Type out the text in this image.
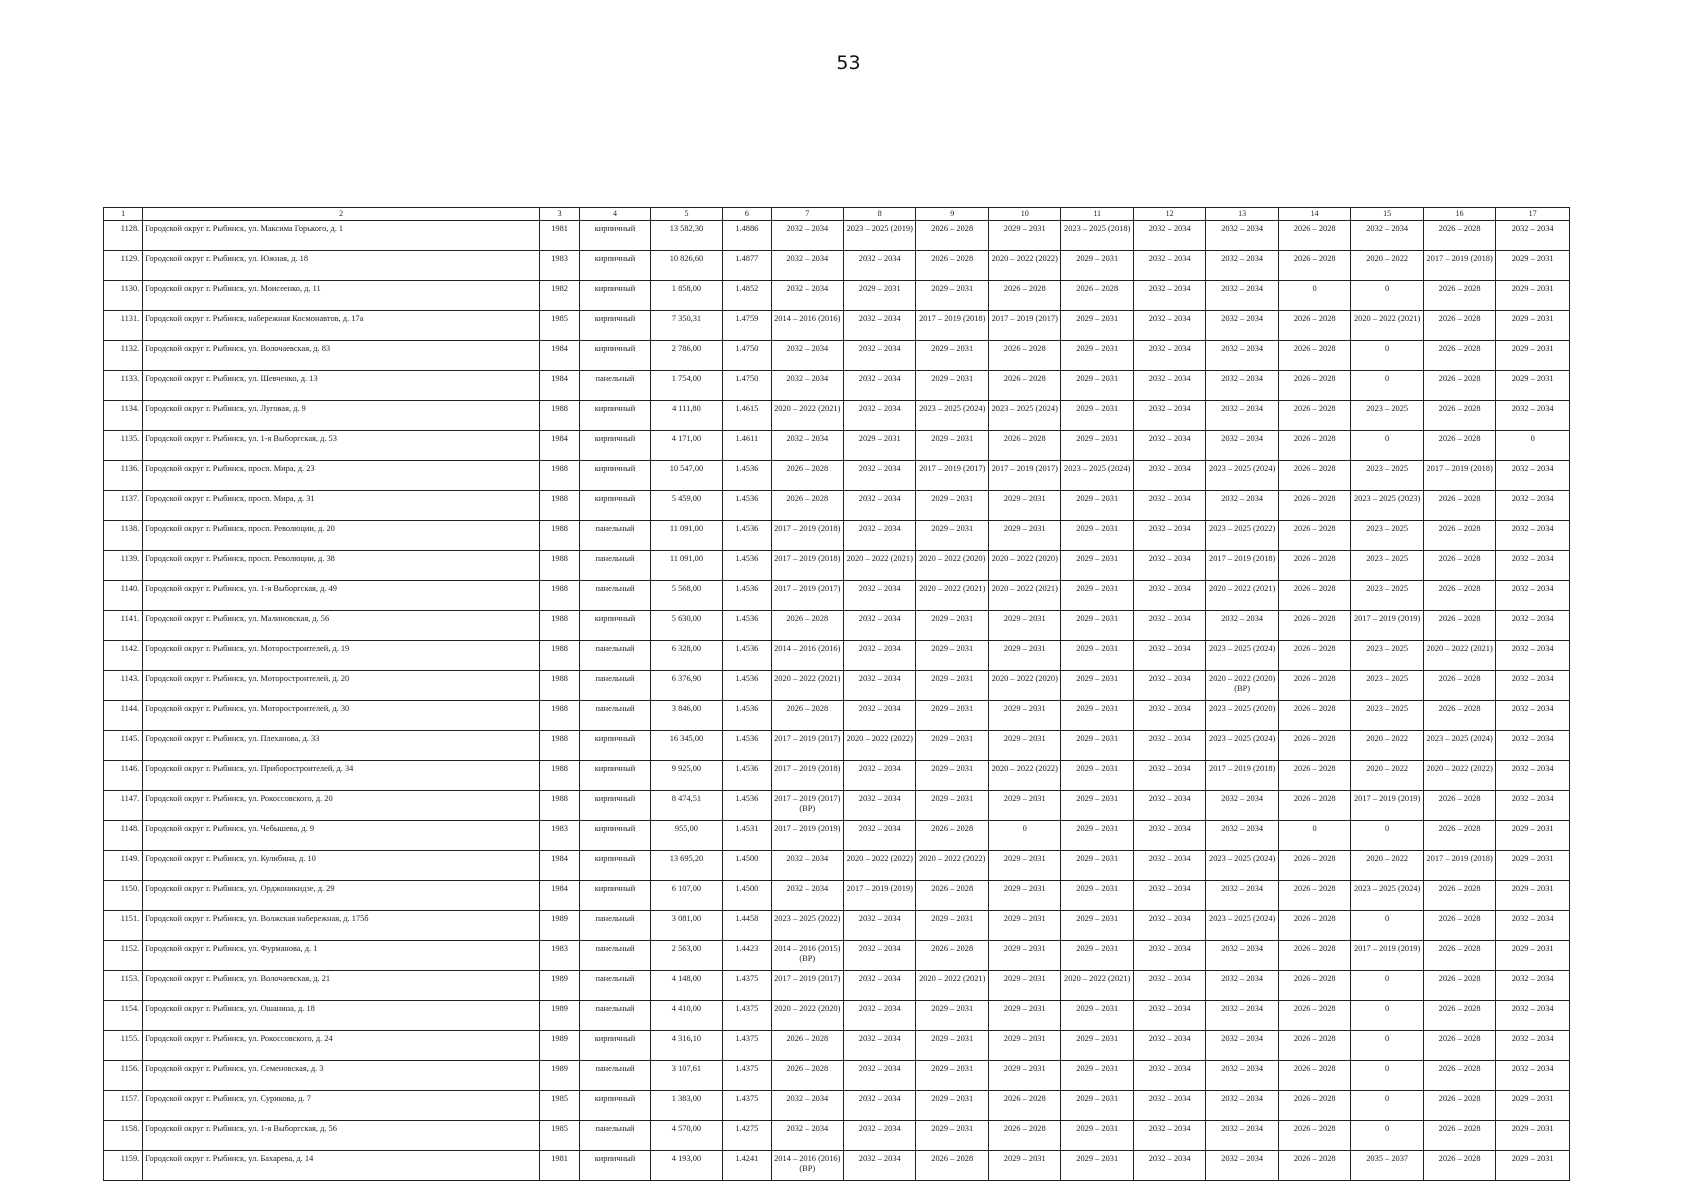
53
1	2	3	4	5	6	7	8	9	10	11	12	13	14	15	16	17
1128.	Городской округ г. Рыбинск, ул. Максима Горького, д. 1	1981	кирпичный	13 582,30	1.4886	2032 – 2034	2023 – 2025 (2019)	2026 – 2028	2029 – 2031	2023 – 2025 (2018)	2032 – 2034	2032 – 2034	2026 – 2028	2032 – 2034	2026 – 2028	2032 – 2034
1129.	Городской округ г. Рыбинск, ул. Южная, д. 18	1983	кирпичный	10 826,60	1.4877	2032 – 2034	2032 – 2034	2026 – 2028	2020 – 2022 (2022)	2029 – 2031	2032 – 2034	2032 – 2034	2026 – 2028	2020 – 2022	2017 – 2019 (2018)	2029 – 2031
1130.	Городской округ г. Рыбинск, ул. Моисеенко, д. 11	1982	кирпичный	1 858,00	1.4852	2032 – 2034	2029 – 2031	2029 – 2031	2026 – 2028	2026 – 2028	2032 – 2034	2032 – 2034	0	0	2026 – 2028	2029 – 2031
1131.	Городской округ г. Рыбинск, набережная Космонавтов, д. 17а	1985	кирпичный	7 350,31	1.4759	2014 – 2016 (2016)	2032 – 2034	2017 – 2019 (2018)	2017 – 2019 (2017)	2029 – 2031	2032 – 2034	2032 – 2034	2026 – 2028	2020 – 2022 (2021)	2026 – 2028	2029 – 2031
1132.	Городской округ г. Рыбинск, ул. Волочаевская, д. 83	1984	кирпичный	2 786,00	1.4750	2032 – 2034	2032 – 2034	2029 – 2031	2026 – 2028	2029 – 2031	2032 – 2034	2032 – 2034	2026 – 2028	0	2026 – 2028	2029 – 2031
1133.	Городской округ г. Рыбинск, ул. Шевченко, д. 13	1984	панельный	1 754,00	1.4750	2032 – 2034	2032 – 2034	2029 – 2031	2026 – 2028	2029 – 2031	2032 – 2034	2032 – 2034	2026 – 2028	0	2026 – 2028	2029 – 2031
1134.	Городской округ г. Рыбинск, ул. Луговая, д. 9	1988	кирпичный	4 111,80	1.4615	2020 – 2022 (2021)	2032 – 2034	2023 – 2025 (2024)	2023 – 2025 (2024)	2029 – 2031	2032 – 2034	2032 – 2034	2026 – 2028	2023 – 2025	2026 – 2028	2032 – 2034
1135.	Городской округ г. Рыбинск, ул. 1-я Выборгская, д. 53	1984	кирпичный	4 171,00	1.4611	2032 – 2034	2029 – 2031	2029 – 2031	2026 – 2028	2029 – 2031	2032 – 2034	2032 – 2034	2026 – 2028	0	2026 – 2028	0
1136.	Городской округ г. Рыбинск, просп. Мира, д. 23	1988	кирпичный	10 547,00	1.4536	2026 – 2028	2032 – 2034	2017 – 2019 (2017)	2017 – 2019 (2017)	2023 – 2025 (2024)	2032 – 2034	2023 – 2025 (2024)	2026 – 2028	2023 – 2025	2017 – 2019 (2018)	2032 – 2034
1137.	Городской округ г. Рыбинск, просп. Мира, д. 31	1988	кирпичный	5 459,00	1.4536	2026 – 2028	2032 – 2034	2029 – 2031	2029 – 2031	2029 – 2031	2032 – 2034	2032 – 2034	2026 – 2028	2023 – 2025 (2023)	2026 – 2028	2032 – 2034
1138.	Городской округ г. Рыбинск, просп. Революции, д. 20	1988	панельный	11 091,00	1.4536	2017 – 2019 (2018)	2032 – 2034	2029 – 2031	2029 – 2031	2029 – 2031	2032 – 2034	2023 – 2025 (2022)	2026 – 2028	2023 – 2025	2026 – 2028	2032 – 2034
1139.	Городской округ г. Рыбинск, просп. Революции, д. 38	1988	панельный	11 091,00	1.4536	2017 – 2019 (2018)	2020 – 2022 (2021)	2020 – 2022 (2020)	2020 – 2022 (2020)	2029 – 2031	2032 – 2034	2017 – 2019 (2018)	2026 – 2028	2023 – 2025	2026 – 2028	2032 – 2034
1140.	Городской округ г. Рыбинск, ул. 1-я Выборгская, д. 49	1988	панельный	5 568,00	1.4536	2017 – 2019 (2017)	2032 – 2034	2020 – 2022 (2021)	2020 – 2022 (2021)	2029 – 2031	2032 – 2034	2020 – 2022 (2021)	2026 – 2028	2023 – 2025	2026 – 2028	2032 – 2034
1141.	Городской округ г. Рыбинск, ул. Малиновская, д. 56	1988	кирпичный	5 630,00	1.4536	2026 – 2028	2032 – 2034	2029 – 2031	2029 – 2031	2029 – 2031	2032 – 2034	2032 – 2034	2026 – 2028	2017 – 2019 (2019)	2026 – 2028	2032 – 2034
1142.	Городской округ г. Рыбинск, ул. Моторостроителей, д. 19	1988	панельный	6 328,00	1.4536	2014 – 2016 (2016)	2032 – 2034	2029 – 2031	2029 – 2031	2029 – 2031	2032 – 2034	2023 – 2025 (2024)	2026 – 2028	2023 – 2025	2020 – 2022 (2021)	2032 – 2034
1143.	Городской округ г. Рыбинск, ул. Моторостроителей, д. 20	1988	панельный	6 376,90	1.4536	2020 – 2022 (2021)	2032 – 2034	2029 – 2031	2020 – 2022 (2020)	2029 – 2031	2032 – 2034	2020 – 2022 (2020) (ВР)	2026 – 2028	2023 – 2025	2026 – 2028	2032 – 2034
1144.	Городской округ г. Рыбинск, ул. Моторостроителей, д. 30	1988	панельный	3 846,00	1.4536	2026 – 2028	2032 – 2034	2029 – 2031	2029 – 2031	2029 – 2031	2032 – 2034	2023 – 2025 (2020)	2026 – 2028	2023 – 2025	2026 – 2028	2032 – 2034
1145.	Городской округ г. Рыбинск, ул. Плеханова, д. 33	1988	кирпичный	16 345,00	1.4536	2017 – 2019 (2017)	2020 – 2022 (2022)	2029 – 2031	2029 – 2031	2029 – 2031	2032 – 2034	2023 – 2025 (2024)	2026 – 2028	2020 – 2022	2023 – 2025 (2024)	2032 – 2034
1146.	Городской округ г. Рыбинск, ул. Приборостроителей, д. 34	1988	кирпичный	9 925,00	1.4536	2017 – 2019 (2018)	2032 – 2034	2029 – 2031	2020 – 2022 (2022)	2029 – 2031	2032 – 2034	2017 – 2019 (2018)	2026 – 2028	2020 – 2022	2020 – 2022 (2022)	2032 – 2034
1147.	Городской округ г. Рыбинск, ул. Рокоссовского, д. 20	1988	кирпичный	8 474,51	1.4536	2017 – 2019 (2017) (ВР)	2032 – 2034	2029 – 2031	2029 – 2031	2029 – 2031	2032 – 2034	2032 – 2034	2026 – 2028	2017 – 2019 (2019)	2026 – 2028	2032 – 2034
1148.	Городской округ г. Рыбинск, ул. Чебышева, д. 9	1983	кирпичный	955,00	1.4531	2017 – 2019 (2019)	2032 – 2034	2026 – 2028	0	2029 – 2031	2032 – 2034	2032 – 2034	0	0	2026 – 2028	2029 – 2031
1149.	Городской округ г. Рыбинск, ул. Кулибина, д. 10	1984	кирпичный	13 695,20	1.4500	2032 – 2034	2020 – 2022 (2022)	2020 – 2022 (2022)	2029 – 2031	2029 – 2031	2032 – 2034	2023 – 2025 (2024)	2026 – 2028	2020 – 2022	2017 – 2019 (2018)	2029 – 2031
1150.	Городской округ г. Рыбинск, ул. Орджоникидзе, д. 29	1984	кирпичный	6 107,00	1.4500	2032 – 2034	2017 – 2019 (2019)	2026 – 2028	2029 – 2031	2029 – 2031	2032 – 2034	2032 – 2034	2026 – 2028	2023 – 2025 (2024)	2026 – 2028	2029 – 2031
1151.	Городской округ г. Рыбинск, ул. Волжская набережная, д. 175б	1989	панельный	3 081,00	1.4458	2023 – 2025 (2022)	2032 – 2034	2029 – 2031	2029 – 2031	2029 – 2031	2032 – 2034	2023 – 2025 (2024)	2026 – 2028	0	2026 – 2028	2032 – 2034
1152.	Городской округ г. Рыбинск, ул. Фурманова, д. 1	1983	панельный	2 563,00	1.4423	2014 – 2016 (2015) (ВР)	2032 – 2034	2026 – 2028	2029 – 2031	2029 – 2031	2032 – 2034	2032 – 2034	2026 – 2028	2017 – 2019 (2019)	2026 – 2028	2029 – 2031
1153.	Городской округ г. Рыбинск, ул. Волочаевская, д. 21	1989	панельный	4 148,00	1.4375	2017 – 2019 (2017)	2032 – 2034	2020 – 2022 (2021)	2029 – 2031	2020 – 2022 (2021)	2032 – 2034	2032 – 2034	2026 – 2028	0	2026 – 2028	2032 – 2034
1154.	Городской округ г. Рыбинск, ул. Ошанина, д. 18	1989	панельный	4 410,00	1.4375	2020 – 2022 (2020)	2032 – 2034	2029 – 2031	2029 – 2031	2029 – 2031	2032 – 2034	2032 – 2034	2026 – 2028	0	2026 – 2028	2032 – 2034
1155.	Городской округ г. Рыбинск, ул. Рокоссовского, д. 24	1989	кирпичный	4 316,10	1.4375	2026 – 2028	2032 – 2034	2029 – 2031	2029 – 2031	2029 – 2031	2032 – 2034	2032 – 2034	2026 – 2028	0	2026 – 2028	2032 – 2034
1156.	Городской округ г. Рыбинск, ул. Семеновская, д. 3	1989	панельный	3 107,61	1.4375	2026 – 2028	2032 – 2034	2029 – 2031	2029 – 2031	2029 – 2031	2032 – 2034	2032 – 2034	2026 – 2028	0	2026 – 2028	2032 – 2034
1157.	Городской округ г. Рыбинск, ул. Сурикова, д. 7	1985	кирпичный	1 383,00	1.4375	2032 – 2034	2032 – 2034	2029 – 2031	2026 – 2028	2029 – 2031	2032 – 2034	2032 – 2034	2026 – 2028	0	2026 – 2028	2029 – 2031
1158.	Городской округ г. Рыбинск, ул. 1-я Выборгская, д. 56	1985	панельный	4 570,00	1.4275	2032 – 2034	2032 – 2034	2029 – 2031	2026 – 2028	2029 – 2031	2032 – 2034	2032 – 2034	2026 – 2028	0	2026 – 2028	2029 – 2031
1159.	Городской округ г. Рыбинск, ул. Бахарева, д. 14	1981	кирпичный	4 193,00	1.4241	2014 – 2016 (2016) (ВР)	2032 – 2034	2026 – 2028	2029 – 2031	2029 – 2031	2032 – 2034	2032 – 2034	2026 – 2028	2035 – 2037	2026 – 2028	2029 – 2031
